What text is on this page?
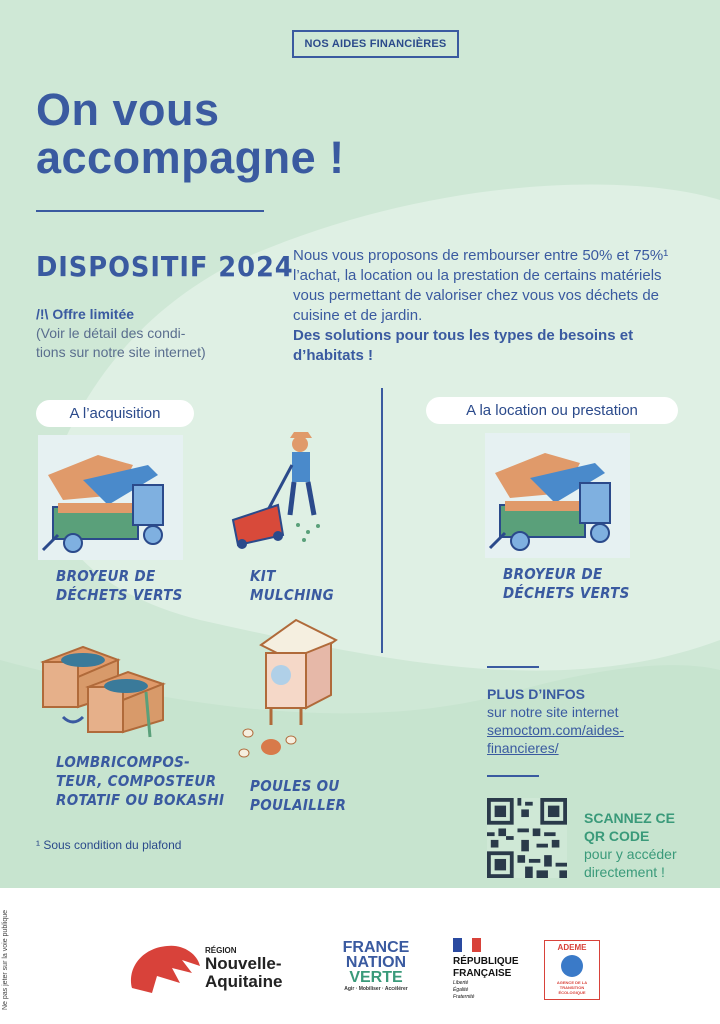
NOS AIDES FINANCIÈRES
On vous
accompagne !
DISPOSITIF 2024
/!\ Offre limitée
(Voir le détail des condi-
tions sur notre site internet)
Nous vous proposons de rembourser entre 50% et 75%¹ l’achat, la location ou la prestation de certains matériels vous permettant de valoriser chez vous vos déchets de cuisine et de jardin.
Des solutions pour tous les types de besoins et d’habitats !
A l’acquisition	A la location ou prestation
BROYEUR DE
DÉCHETS VERTS
KIT
MULCHING
LOMBRICOMPOS-
TEUR, COMPOSTEUR
ROTATIF OU BOKASHI
POULES OU
POULAILLER
BROYEUR DE
DÉCHETS VERTS
PLUS D’INFOS
sur notre site internet
semoctom.com/aides-
financieres/
SCANNEZ CE
QR CODE
pour y accéder
directement !
¹ Sous condition du plafond
RÉGION
Nouvelle-
Aquitaine
FRANCE
NATION
VERTE
Agir · Mobiliser · Accélérer
RÉPUBLIQUE
FRANÇAISE
Liberté
Égalité
Fraternité
ADEME
AGENCE DE LA TRANSITION ÉCOLOGIQUE
Ne pas jeter sur la voie publique
